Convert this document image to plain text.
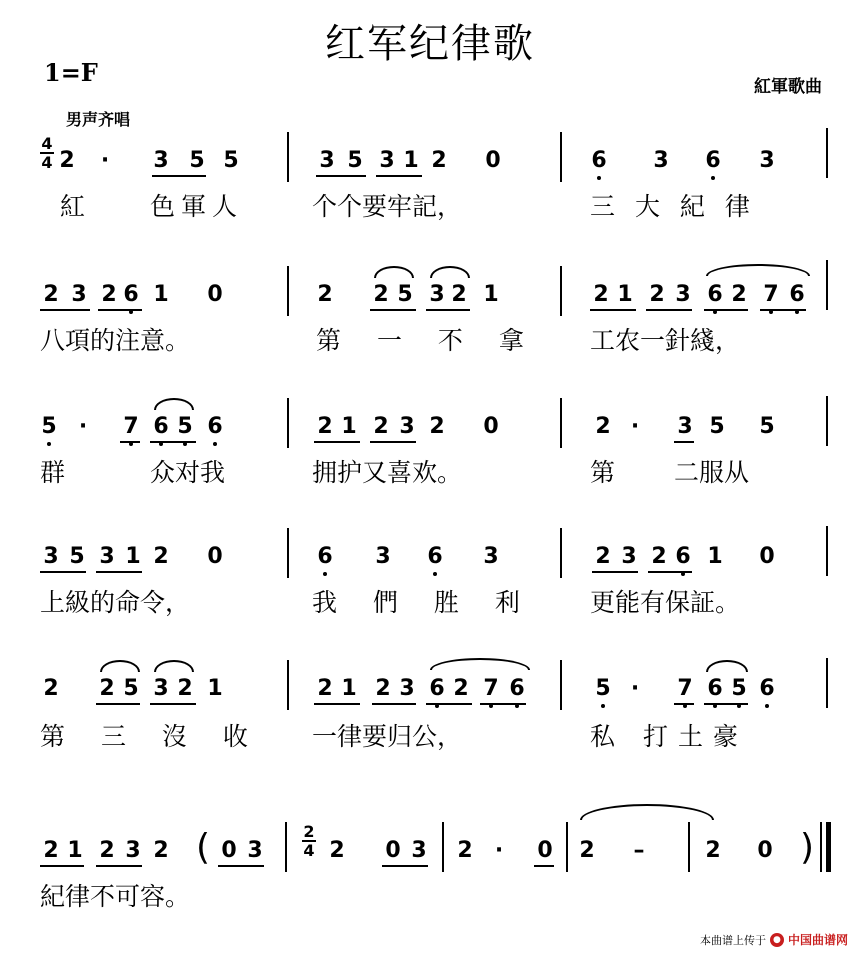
红军纪律歌
1=F	紅軍歌曲
男声齐唱
4
4 2 · 3 5 5	3 5 3 1 2 0	6 3 6 3
紅	色軍人	个个要牢記，	三 大 紀 律
2 3 2 6 1 0	2 2 5 3 2 1	2 1 2 3 6 2 7 6
八項的注意。	第 一 不 拿 工农一針綫，
5 · 7 6 5 6	2 1 2 3 2 0	2 · 3 5 5
群	众对我	拥护又喜欢。	第 二服从
3 5 3 1 2 0	6 3 6 3	2 3 2 6 1 0
上級的命令，	我 們 胜 利 更能有保証。
2 2 5 3 2 1	2 1 2 3 6 2 7 6	5 · 7 6 5 6
第 三 沒 收 一律要归公，	私 打土豪
2 1 2 3 2 ( 0 3
2
4 2 0 3 2 · 0 2 –	2 0 )
紀律不可容。
本曲谱上传于 ● 中国曲谱网
